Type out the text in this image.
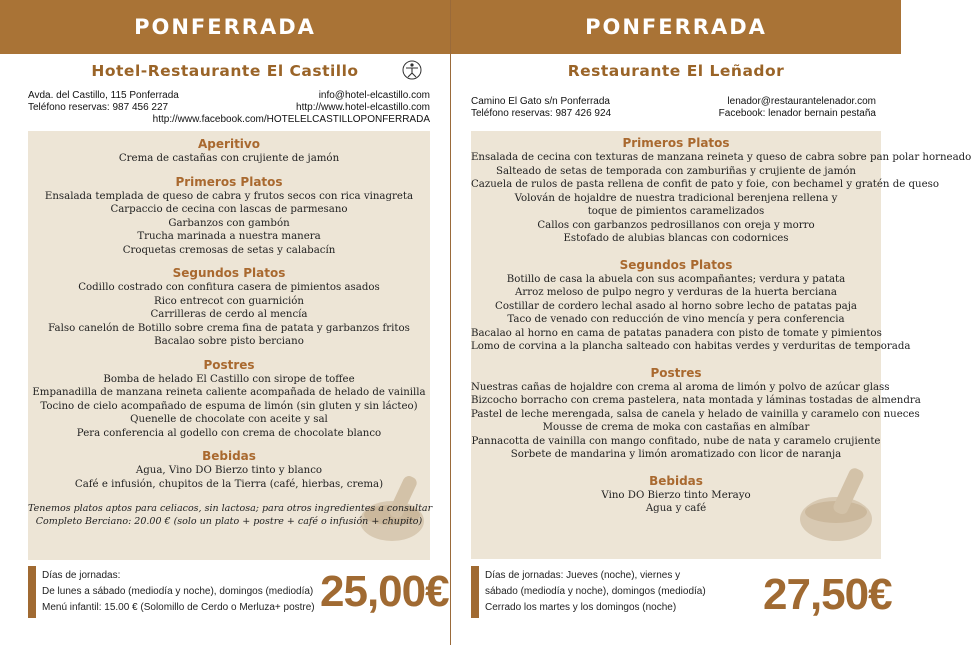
PONFERRADA
Hotel-Restaurante El Castillo
Avda. del Castillo, 115 Ponferrada
Teléfono reservas: 987 456 227
info@hotel-elcastillo.com
http://www.hotel-elcastillo.com
http://www.facebook.com/HOTELELCASTILLOPONFERRADA

Aperitivo

Crema de castañas con crujiente de jamón

Primeros Platos

Ensalada templada de queso de cabra y frutos secos con rica vinagreta

Carpaccio de cecina con lascas de parmesano

Garbanzos con gambón

Trucha marinada a nuestra manera

Croquetas cremosas de setas y calabacín

Segundos Platos

Codillo costrado con confitura casera de pimientos asados

Rico entrecot con guarnición

Carrilleras de cerdo al mencía

Falso canelón de Botillo sobre crema fina de patata y garbanzos fritos

Bacalao sobre pisto berciano

Postres

Bomba de helado El Castillo con sirope de toffee

Empanadilla de manzana reineta caliente acompañada de helado de vainilla

Tocino de cielo acompañado de espuma de limón (sin gluten y sin lácteo)

Quenelle de chocolate con aceite y sal

Pera conferencia al godello con crema de chocolate blanco

Bebidas

Agua, Vino DO Bierzo tinto y blanco

Café e infusión, chupitos de la Tierra (café, hierbas, crema)

Tenemos platos aptos para celiacos, sin lactosa; para otros ingredientes a consultar

Completo Berciano: 20.00 € (solo un plato + postre + café o infusión + chupito)

Días de jornadas:
De lunes a sábado (mediodía y noche), domingos (mediodía)
Menú infantil: 15.00 € (Solomillo de Cerdo o Merluza+ postre) 25,00€
PONFERRADA
Restaurante El Leñador
Camino El Gato s/n Ponferrada
Teléfono reservas: 987 426 924
lenador@restaurantelenador.com
Facebook: lenador bernain pestaña

Primeros Platos

Ensalada de cecina con texturas de manzana reineta y queso de cabra sobre pan polar horneado

Salteado de setas de temporada con zamburiñas y crujiente de jamón

Cazuela de rulos de pasta rellena de confit de pato y foie, con bechamel y gratén de queso

Volován de hojaldre de nuestra tradicional berenjena rellena y

toque de pimientos caramelizados

Callos con garbanzos pedrosillanos con oreja y morro

Estofado de alubias blancas con codornices

Segundos Platos

Botillo de casa la abuela con sus acompañantes; verdura y patata

Arroz meloso de pulpo negro y verduras de la huerta berciana

Costillar de cordero lechal asado al horno sobre lecho de patatas paja

Taco de venado con reducción de vino mencía y pera conferencia

Bacalao al horno en cama de patatas panadera con pisto de tomate y pimientos

Lomo de corvina a la plancha salteado con habitas verdes y verduritas de temporada

Postres

Nuestras cañas de hojaldre con crema al aroma de limón y polvo de azúcar glass

Bizcocho borracho con crema pastelera, nata montada y láminas tostadas de almendra

Pastel de leche merengada, salsa de canela y helado de vainilla y caramelo con nueces

Mousse de crema de moka con castañas en almíbar

Pannacotta de vainilla con mango confitado, nube de nata y caramelo crujiente

Sorbete de mandarina y limón aromatizado con licor de naranja

Bebidas

Vino DO Bierzo tinto Merayo

Agua y café

Días de jornadas: Jueves (noche), viernes y
sábado (mediodía y noche), domingos (mediodía)
Cerrado los martes y los domingos (noche)	27,50€
